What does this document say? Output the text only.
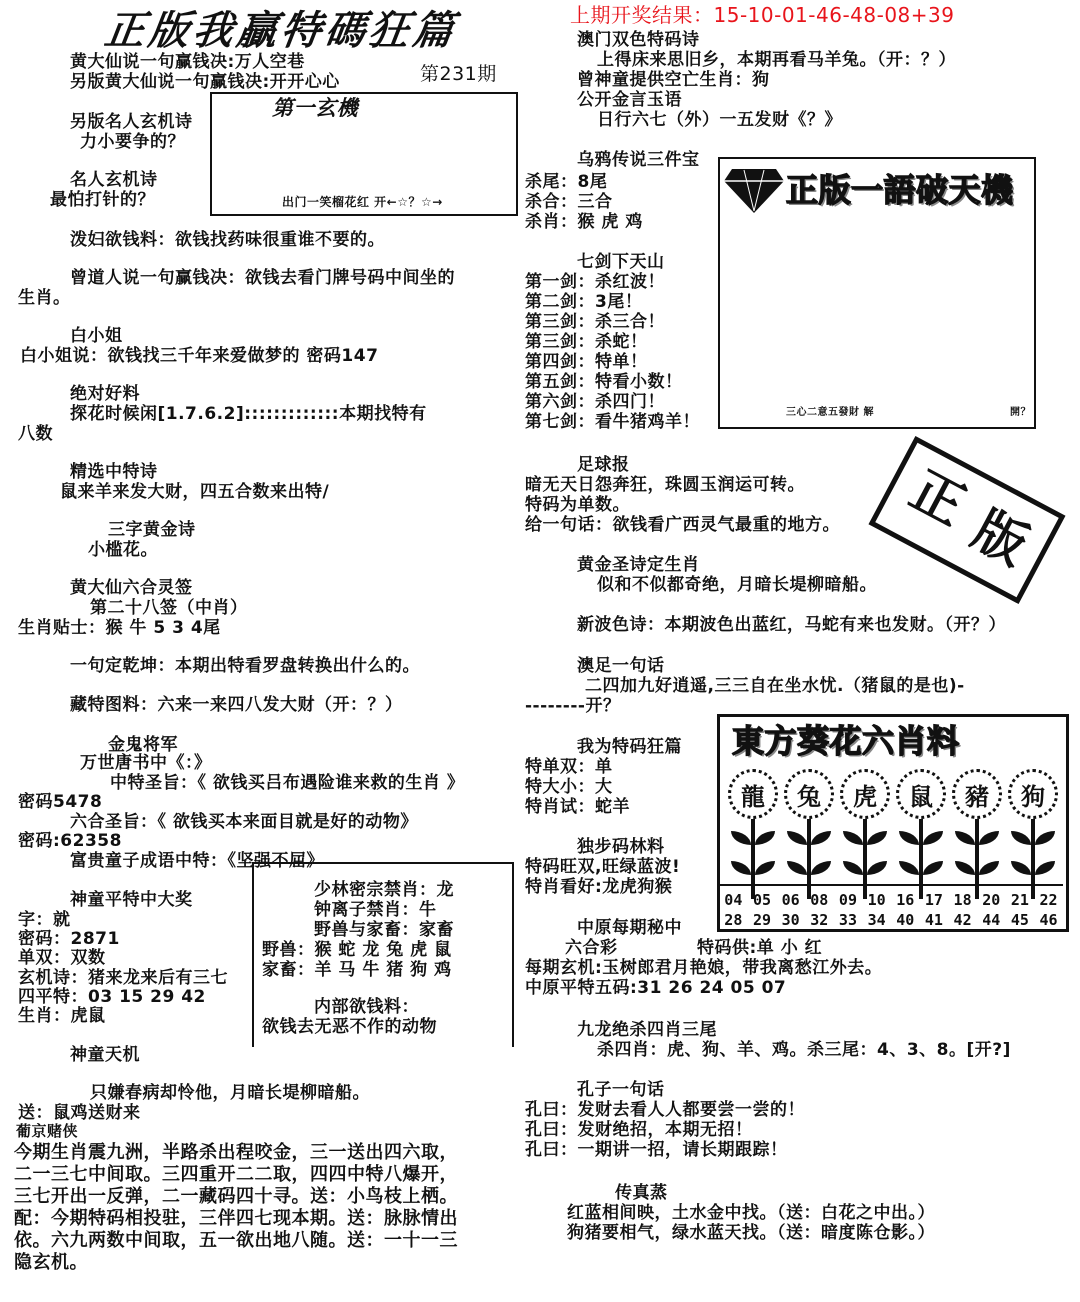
正版我贏特碼狂篇	上期开奖结果：15-10-01-46-48-08+39
第231期
黄大仙说一句赢钱决:万人空巷
另版黄大仙说一句赢钱决:开开心心
第一玄機
出门一笑榴花红 开←☆？☆→
另版名人玄机诗
力小要争的？
名人玄机诗
最怕打针的？
泼妇欲钱料：欲钱找药味很重谁不要的。
曾道人说一句赢钱决：欲钱去看门牌号码中间坐的
生肖。
白小姐
白小姐说：欲钱找三千年来爱做梦的 密码147
绝对好料
探花时候闲[1.7.6.2]:::::::::::::本期找特有
八数
精选中特诗
鼠来羊来发大财，四五合数来出特/
三字黄金诗
小槛花。
黄大仙六合灵签
第二十八签（中肖）
生肖贴士：猴 牛 5 3 4尾
一句定乾坤：本期出特看罗盘转换出什么的。
藏特图料：六来一来四八发大财（开：？）
金鬼将军
万世唐书中《：》
中特圣旨：《 欲钱买吕布遇险谁来救的生肖 》
密码5478
六合圣旨：《 欲钱买本来面目就是好的动物》
密码:62358
富贵童子成语中特：《坚强不屈》
神童平特中大奖
字：就
密码：2871
单双：双数
玄机诗：猪来龙来后有三七
四平特：03 15 29 42
生肖：虎鼠
少林密宗禁肖：龙
钟离子禁肖：牛
野兽与家畜：家畜
野兽：猴 蛇 龙 兔 虎 鼠
家畜：羊 马 牛 猪 狗 鸡
内部欲钱料：
欲钱去无恶不作的动物
神童天机
只嫌春病却怜他，月暗长堤柳暗船。
送：鼠鸡送财来
葡京赌侠
今期生肖震九洲，半路杀出程咬金，三一送出四六取，
二一三七中间取。三四重开二二取，四四中特八爆开，
三七开出一反弹，二一藏码四十寻。送：小鸟枝上栖。
配：今期特码相投驻，三伴四七现本期。送：脉脉情出
依。六九两数中间取，五一欲出地八随。送：一十一三
隐玄机。
澳门双色特码诗
上得床来思旧乡，本期再看马羊兔。（开：？）
曾神童提供空亡生肖：狗
公开金言玉语
日行六七（外）一五发财《？》
乌鸦传说三件宝
杀尾：8尾
杀合：三合
杀肖：猴 虎 鸡
七剑下天山
第一剑：杀红波！
第二剑：3尾！
第三剑：杀三合！
第三剑：杀蛇！
第四剑：特单！
第五剑：特看小数！
第六剑：杀四门！
第七剑：看牛猪鸡羊！
正版一語破天機
三心二意五發財 解	開？
足球报
暗无天日怨奔狂，珠圆玉润运可转。
特码为单数。
给一句话：欲钱看广西灵气最重的地方。 正
版
黄金圣诗定生肖
似和不似都奇绝，月暗长堤柳暗船。
新波色诗：本期波色出蓝红，马蛇有来也发财。（开？）
澳足一句话
二四加九好逍遥,三三自在坐水忧.（猪鼠的是也)-
--------开？
東方葵花六肖料
龍	兔	虎	鼠	豬	狗
04 05 06 08 09 10 16 17 18 20 21 22
28 29 30 32 33 34 40 41 42 44 45 46
我为特码狂篇
特单双：单
特大小：大
特肖试：蛇羊
独步码林料
特码旺双,旺绿蓝波!
特肖看好:龙虎狗猴
中原每期秘中
六合彩	特码供:单 小 红
每期玄机:玉树郎君月艳娘，带我离愁江外去。
中原平特五码:31 26 24 05 07
九龙绝杀四肖三尾
杀四肖：虎、狗、羊、鸡。杀三尾：4、3、8。[开?]
孔子一句话
孔曰：发财去看人人都要尝一尝的！
孔曰：发财绝招，本期无招！
孔曰：一期讲一招，请长期跟踪！
传真蒸
红蓝相间映，土水金中找。（送：白花之中出。）
狗猪要相气，绿水蓝天找。（送：暗度陈仓影。）
